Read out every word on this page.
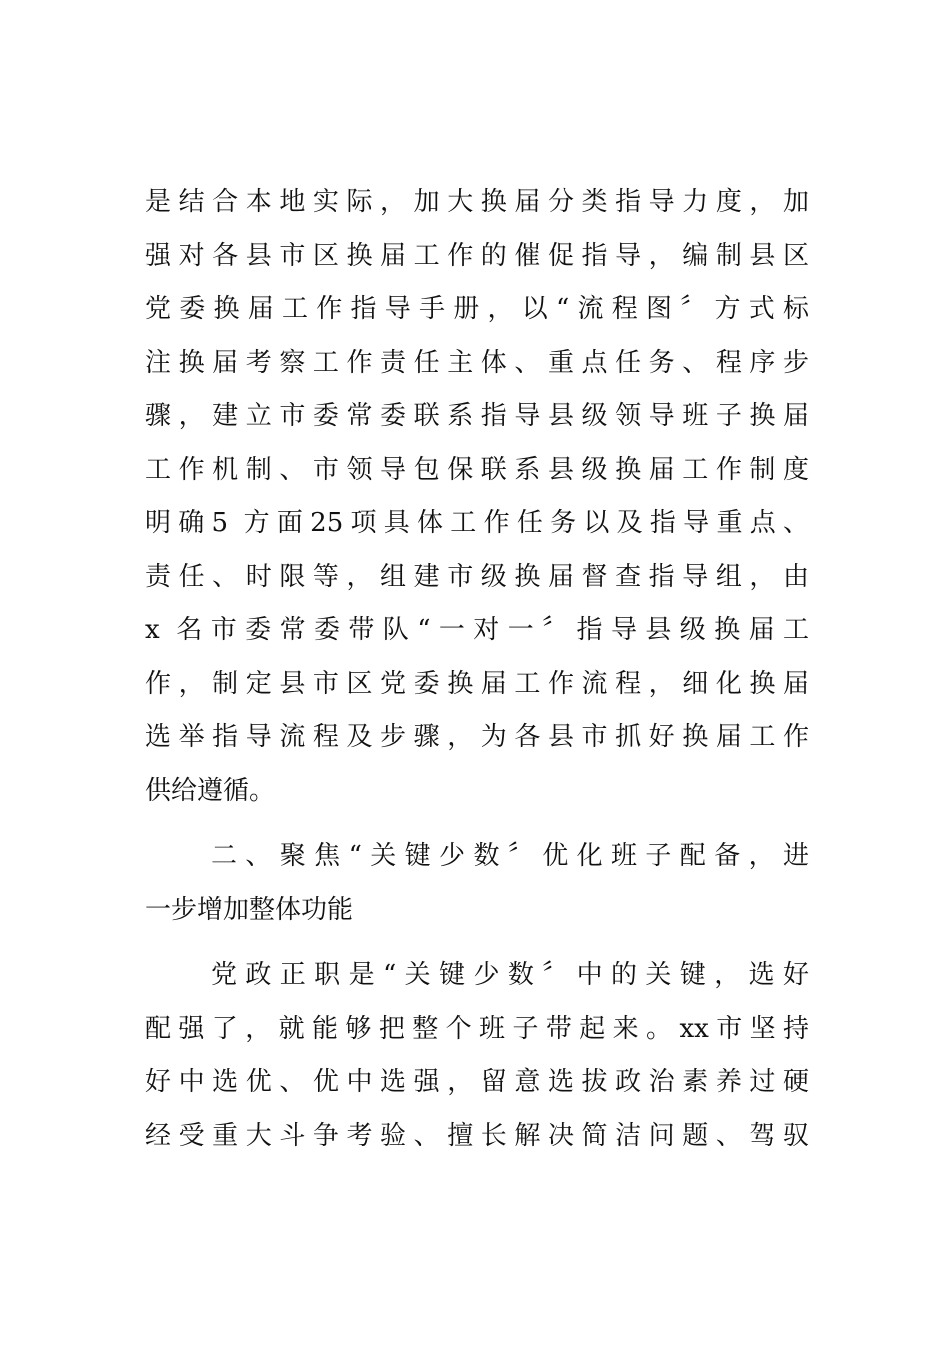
是结合本地实际，加大换届分类指导力度，加
强对各县市区换届工作的催促指导，编制县区
党委换届工作指导手册，以“流程图〞方式标
注换届考察工作责任主体、重点任务、程序步
骤，建立市委常委联系指导县级领导班子换届
工作机制、市领导包保联系县级换届工作制度
明确5 方面25项具体工作任务以及指导重点、
责任、时限等，组建市级换届督查指导组，由
x 名市委常委带队“一对一〞指导县级换届工
作，制定县市区党委换届工作流程，细化换届
选举指导流程及步骤，为各县市抓好换届工作
供给遵循。
二、聚焦“关键少数〞优化班子配备，进
一步增加整体功能
党政正职是“关键少数〞中的关键，选好
配强了，就能够把整个班子带起来。xx市坚持
好中选优、优中选强，留意选拔政治素养过硬
经受重大斗争考验、擅长解决简洁问题、驾驭
